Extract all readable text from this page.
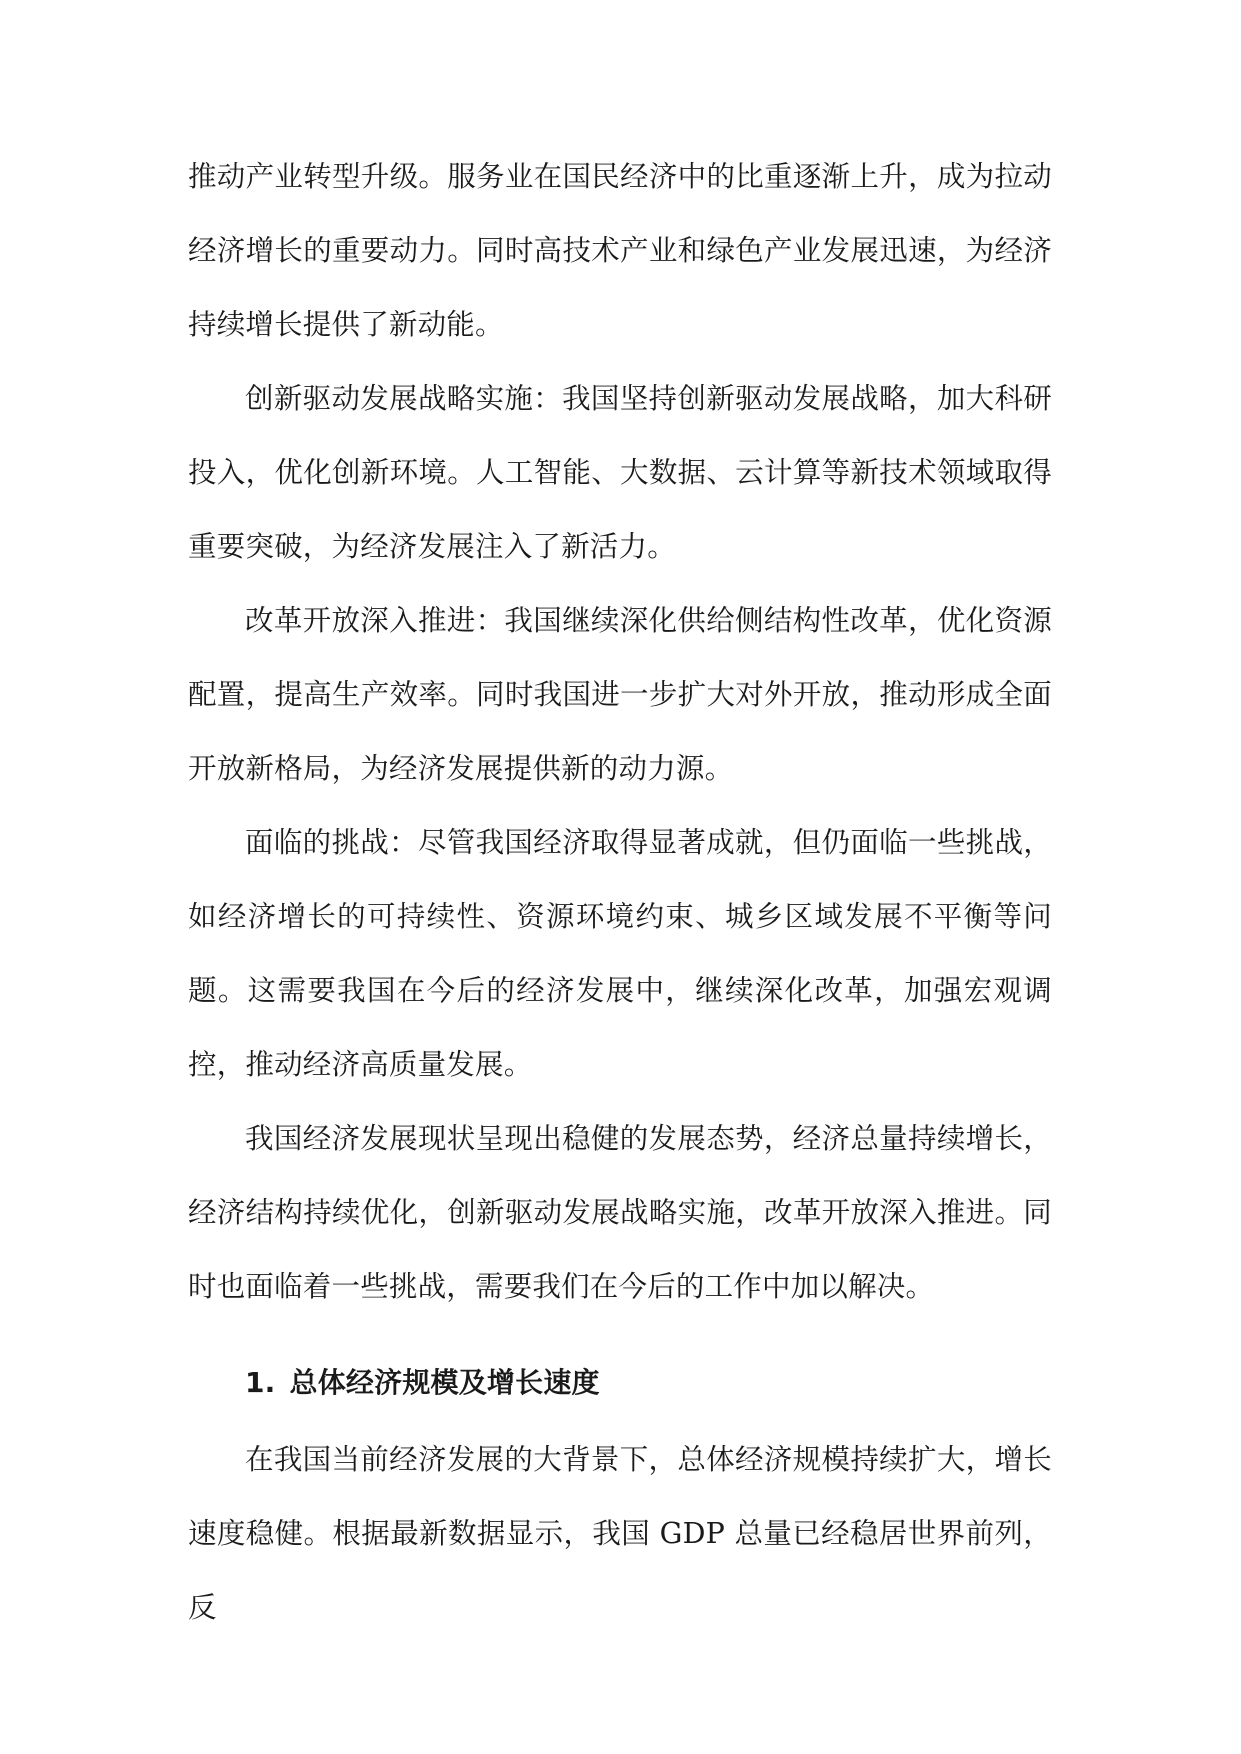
推动产业转型升级。服务业在国民经济中的比重逐渐上升，成为拉动经济增长的重要动力。同时高技术产业和绿色产业发展迅速，为经济持续增长提供了新动能。

创新驱动发展战略实施：我国坚持创新驱动发展战略，加大科研投入，优化创新环境。人工智能、大数据、云计算等新技术领域取得重要突破，为经济发展注入了新活力。

改革开放深入推进：我国继续深化供给侧结构性改革，优化资源配置，提高生产效率。同时我国进一步扩大对外开放，推动形成全面开放新格局，为经济发展提供新的动力源。

面临的挑战：尽管我国经济取得显著成就，但仍面临一些挑战，如经济增长的可持续性、资源环境约束、城乡区域发展不平衡等问题。这需要我国在今后的经济发展中，继续深化改革，加强宏观调控，推动经济高质量发展。

我国经济发展现状呈现出稳健的发展态势，经济总量持续增长，经济结构持续优化，创新驱动发展战略实施，改革开放深入推进。同时也面临着一些挑战，需要我们在今后的工作中加以解决。

1. 总体经济规模及增长速度

在我国当前经济发展的大背景下，总体经济规模持续扩大，增长速度稳健。根据最新数据显示，我国 GDP 总量已经稳居世界前列，反
